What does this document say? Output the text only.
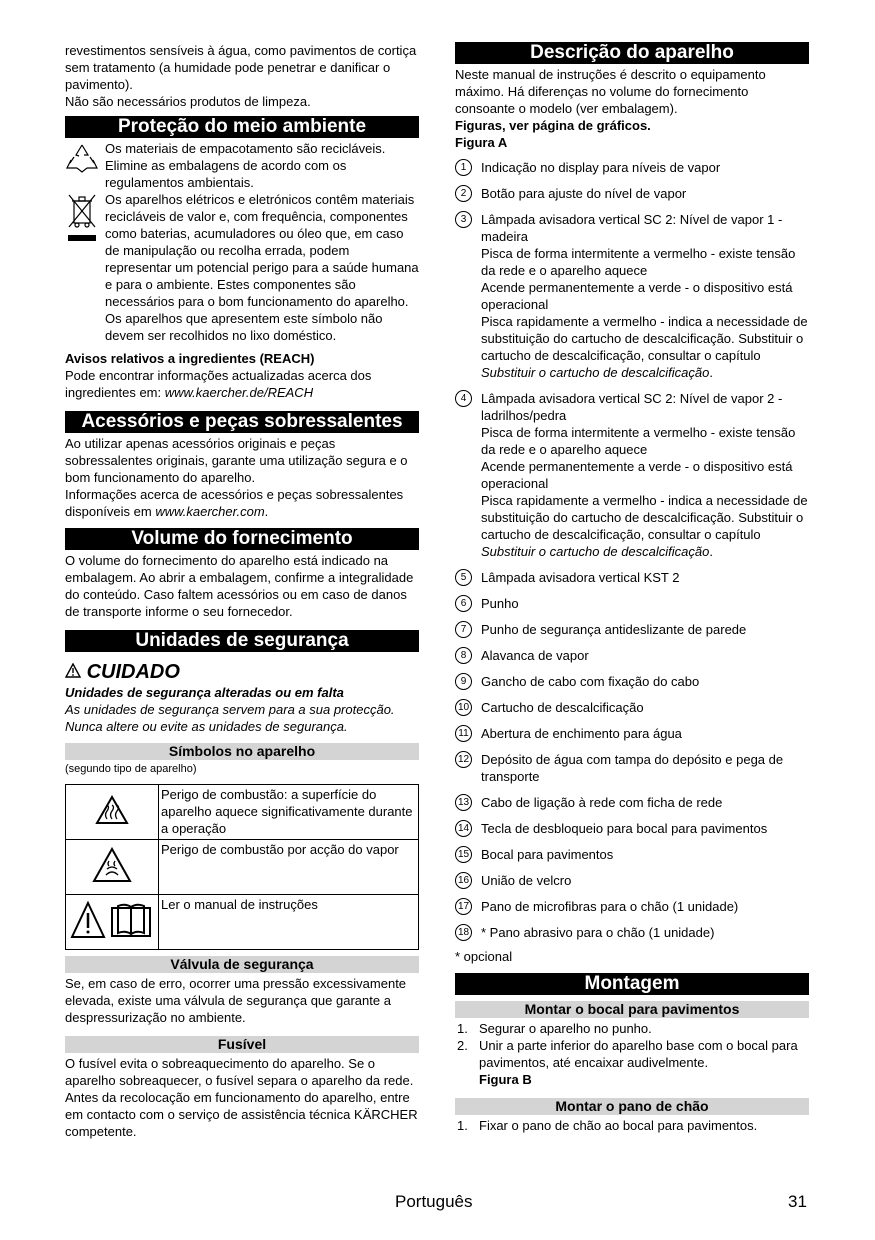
revestimentos sensíveis à água, como pavimentos de cortiça sem tratamento (a humidade pode penetrar e danificar o pavimento).

Não são necessários produtos de limpeza.

Proteção do meio ambiente

Os materiais de empacotamento são recicláveis. Elimine as embalagens de acordo com os regulamentos ambientais.

Os aparelhos elétricos e eletrónicos contêm materiais recicláveis de valor e, com frequência, componentes como baterias, acumuladores ou óleo que, em caso de manipulação ou recolha errada, podem representar um potencial perigo para a saúde humana e para o ambiente. Estes componentes são necessários para o bom funcionamento do aparelho. Os aparelhos que apresentem este símbolo não devem ser recolhidos no lixo doméstico.

Avisos relativos a ingredientes (REACH)

Pode encontrar informações actualizadas acerca dos ingredientes em: www.kaercher.de/REACH

Acessórios e peças sobressalentes

Ao utilizar apenas acessórios originais e peças sobressalentes originais, garante uma utilização segura e o bom funcionamento do aparelho.

Informações acerca de acessórios e peças sobressalentes disponíveis em www.kaercher.com.

Volume do fornecimento

O volume do fornecimento do aparelho está indicado na embalagem. Ao abrir a embalagem, confirme a integralidade do conteúdo. Caso faltem acessórios ou em caso de danos de transporte informe o seu fornecedor.

Unidades de segurança
CUIDADO

Unidades de segurança alteradas ou em falta

As unidades de segurança servem para a sua protecção.

Nunca altere ou evite as unidades de segurança.

Símbolos no aparelho

(segundo tipo de aparelho)

	Perigo de combustão: a superfície do aparelho aquece significativamente durante a operação
	Perigo de combustão por acção do vapor
	Ler o manual de instruções
Válvula de segurança

Se, em caso de erro, ocorrer uma pressão excessivamente elevada, existe uma válvula de segurança que garante a despressurização no ambiente.

Fusível

O fusível evita o sobreaquecimento do aparelho. Se o aparelho sobreaquecer, o fusível separa o aparelho da rede.

Antes da recolocação em funcionamento do aparelho, entre em contacto com o serviço de assistência técnica KÄRCHER competente.

Descrição do aparelho

Neste manual de instruções é descrito o equipamento máximo. Há diferenças no volume do fornecimento consoante o modelo (ver embalagem).

Figuras, ver página de gráficos.

Figura A

1	Indicação no display para níveis de vapor
2	Botão para ajuste do nível de vapor
3	Lâmpada avisadora vertical SC 2: Nível de vapor 1 - madeira
Pisca de forma intermitente a vermelho - existe tensão da rede e o aparelho aquece
Acende permanentemente a verde - o dispositivo está operacional
Pisca rapidamente a vermelho - indica a necessidade de substituição do cartucho de descalcificação. Substituir o cartucho de descalcificação, consultar o capítulo Substituir o cartucho de descalcificação.
4	Lâmpada avisadora vertical SC 2: Nível de vapor 2 - ladrilhos/pedra
Pisca de forma intermitente a vermelho - existe tensão da rede e o aparelho aquece
Acende permanentemente a verde - o dispositivo está operacional
Pisca rapidamente a vermelho - indica a necessidade de substituição do cartucho de descalcificação. Substituir o cartucho de descalcificação, consultar o capítulo Substituir o cartucho de descalcificação.
5	Lâmpada avisadora vertical KST 2
6	Punho
7	Punho de segurança antideslizante de parede
8	Alavanca de vapor
9	Gancho de cabo com fixação do cabo
10 Cartucho de descalcificação
11 Abertura de enchimento para água
12 Depósito de água com tampa do depósito e pega de transporte
13 Cabo de ligação à rede com ficha de rede
14 Tecla de desbloqueio para bocal para pavimentos
15 Bocal para pavimentos
16 União de velcro
17 Pano de microfibras para o chão (1 unidade)
18 * Pano abrasivo para o chão (1 unidade)

* opcional

Montagem
Montar o bocal para pavimentos
1. Segurar o aparelho no punho.
2. Unir a parte inferior do aparelho base com o bocal para pavimentos, até encaixar audivelmente.

Figura B

Montar o pano de chão
1. Fixar o pano de chão ao bocal para pavimentos.
Português	31
